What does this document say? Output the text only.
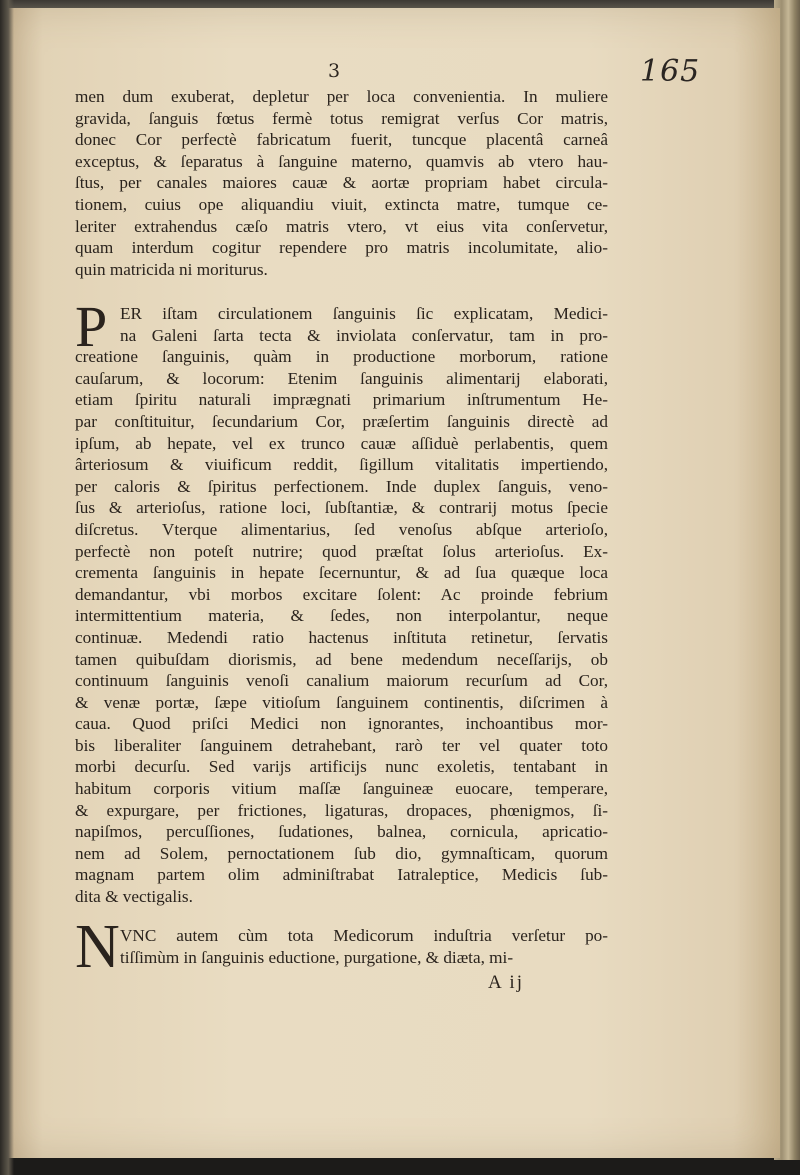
3	165
men dum exuberat, depletur per loca convenientia. In muliere
gravida, ſanguis fœtus fermè totus remigrat verſus Cor matris,
donec Cor perfectè fabricatum fuerit, tuncque placentâ carneâ
exceptus, & ſeparatus à ſanguine materno, quamvis ab vtero hau-
ſtus, per canales maiores cauæ & aortæ propriam habet circula-
tionem, cuius ope aliquandiu viuit, extincta matre, tumque ce-
leriter extrahendus cæſo matris vtero, vt eius vita conſervetur,
quam interdum cogitur rependere pro matris incolumitate, alio-
quin matricida ni moriturus.
P ER iſtam circulationem ſanguinis ſic explicatam, Medici-
na Galeni ſarta tecta & inviolata conſervatur, tam in pro-
creatione ſanguinis, quàm in productione morborum, ratione
cauſarum, & locorum: Etenim ſanguinis alimentarij elaborati,
etiam ſpiritu naturali imprægnati primarium inſtrumentum He-
par conſtituitur, ſecundarium Cor, præſertim ſanguinis directè ad
ipſum, ab hepate, vel ex trunco cauæ aſſiduè perlabentis, quem
ârteriosum & viuificum reddit, ſigillum vitalitatis impertiendo,
per caloris & ſpiritus perfectionem. Inde duplex ſanguis, veno-
ſus & arterioſus, ratione loci, ſubſtantiæ, & contrarij motus ſpecie
diſcretus. Vterque alimentarius, ſed venoſus abſque arterioſo,
perfectè non poteſt nutrire; quod præſtat ſolus arterioſus. Ex-
crementa ſanguinis in hepate ſecernuntur, & ad ſua quæque loca
demandantur, vbi morbos excitare ſolent: Ac proinde febrium
intermittentium materia, & ſedes, non interpolantur, neque
continuæ. Medendi ratio hactenus inſtituta retinetur, ſervatis
tamen quibuſdam diorismis, ad bene medendum neceſſarijs, ob
continuum ſanguinis venoſi canalium maiorum recurſum ad Cor,
& venæ portæ, ſæpe vitioſum ſanguinem continentis, diſcrimen à
caua. Quod priſci Medici non ignorantes, inchoantibus mor-
bis liberaliter ſanguinem detrahebant, rarò ter vel quater toto
morbi decurſu. Sed varijs artificijs nunc exoletis, tentabant in
habitum corporis vitium maſſæ ſanguineæ euocare, temperare,
& expurgare, per frictiones, ligaturas, dropaces, phœnigmos, ſi-
napiſmos, percuſſiones, ſudationes, balnea, cornicula, apricatio-
nem ad Solem, pernoctationem ſub dio, gymnaſticam, quorum
magnam partem olim adminiſtrabat Iatraleptice, Medicis ſub-
dita & vectigalis.
N VNC autem cùm tota Medicorum induſtria verſetur po-
tiſſimùm in ſanguinis eductione, purgatione, & diæta, mi-
A ij
